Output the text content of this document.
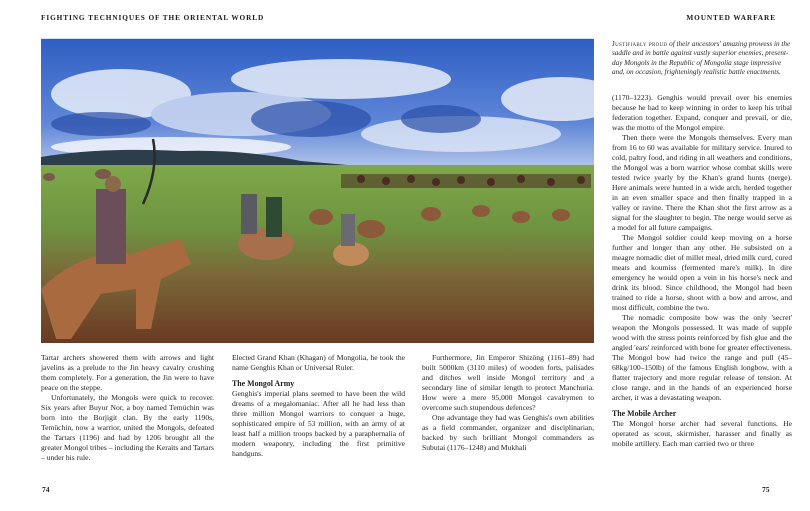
FIGHTING TECHNIQUES OF THE ORIENTAL WORLD	MOUNTED WARFARE
Justifiably proud of their ancestors' amazing prowess in the saddle and in battle against vastly superior enemies, present-day Mongols in the Republic of Mongolia stage impressive and, on occasion, frighteningly realistic battle enactments.

Tartar archers showered them with arrows and light javelins as a prelude to the Jin heavy cavalry crushing them completely. For a generation, the Jin were to have peace on the steppe.

Unfortunately, the Mongols were quick to recover. Six years after Buyur Nor, a boy named Temüchin was born into the Borjigit clan. By the early 1190s, Temüchin, now a warrior, united the Mongols, defeated the Tartars (1196) and had by 1206 brought all the greater Mongol tribes – including the Keraits and Tartars – under his rule.

Elected Grand Khan (Khagan) of Mongolia, he took the name Genghis Khan or Universal Ruler.

The Mongol Army

Genghis's imperial plans seemed to have been the wild dreams of a megalomaniac. After all he had less than three million Mongol warriors to conquer a huge, sophisticated empire of 53 million, with an army of at least half a million troops backed by a paraphernalia of modern weaponry, including the first primitive handguns.

Furthermore, Jin Emperor Shizöng (1161–89) had built 5000km (3110 miles) of wooden forts, palisades and ditches well inside Mongol territory and a secondary line of similar length to protect Manchuria. How were a mere 95,000 Mongol cavalrymen to overcome such stupendous defences?

One advantage they had was Genghis's own abilities as a field commander, organizer and disciplinarian, backed by such brilliant Mongol commanders as Subutai (1176–1248) and Mukhali

(1170–1223). Genghis would prevail over his enemies because he had to keep winning in order to keep his tribal federation together. Expand, conquer and prevail, or die, was the motto of the Mongol empire.

Then there were the Mongols themselves. Every man from 16 to 60 was available for military service. Inured to cold, paltry food, and riding in all weathers and conditions, the Mongol was a born warrior whose combat skills were tested twice yearly by the Khan's grand hunts (nerge). Here animals were hunted in a wide arch, herded together in an even smaller space and then finally trapped in a valley or ravine. There the Khan shot the first arrow as a signal for the slaughter to begin. The nerge would serve as a model for all future campaigns.

The Mongol soldier could keep moving on a horse further and longer than any other. He subsisted on a meagre nomadic diet of millet meal, dried milk curd, cured meats and koumiss (fermented mare's milk). In dire emergency he would open a vein in his horse's neck and drink its blood. Since childhood, the Mongol had been trained to ride a horse, shoot with a bow and arrow, and most difficult, combine the two.

The nomadic composite bow was the only 'secret' weapon the Mongols possessed. It was made of supple wood with the stress points reinforced by fish glue and the angled 'ears' reinforced with bone for greater effectiveness. The Mongol bow had twice the range and pull (45–68kg/100–150lb) of the famous English longbow, with a flatter trajectory and more regular release of tension. At close range, and in the hands of an experienced horse archer, it was a devastating weapon.

The Mobile Archer

The Mongol horse archer had several functions. He operated as scout, skirmisher, harasser and finally as mobile artillery. Each man carried two or three

74	75
